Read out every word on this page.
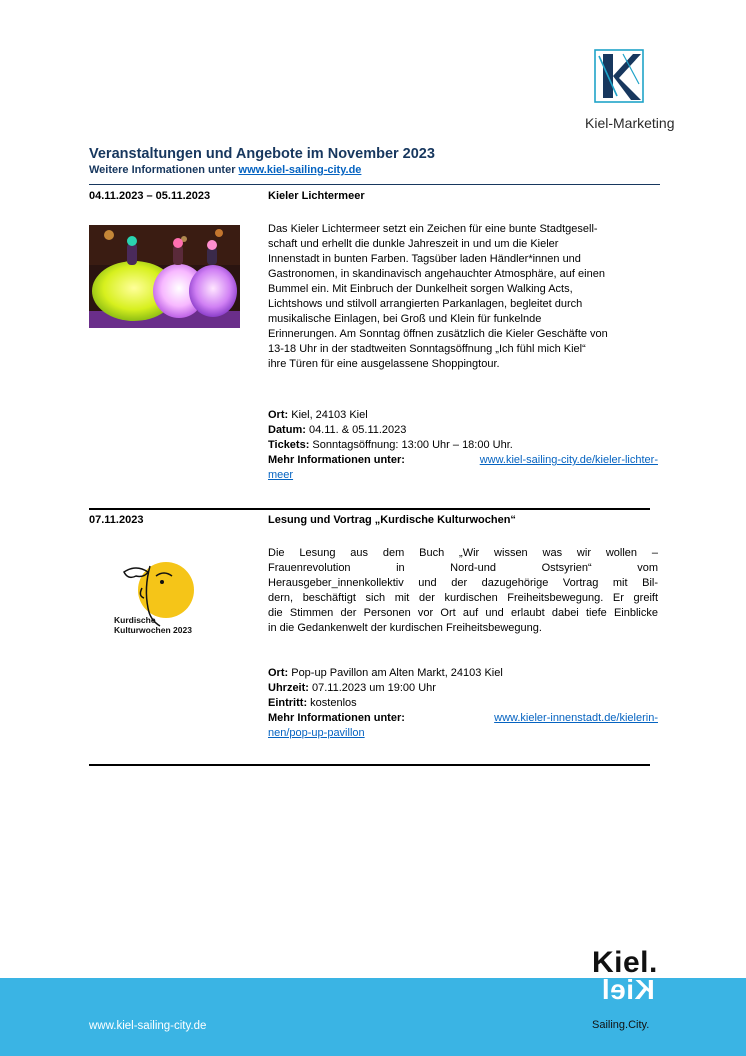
Kiel-Marketing
Veranstaltungen und Angebote im November 2023
Weitere Informationen unter www.kiel-sailing-city.de
04.11.2023 – 05.11.2023	Kieler Lichtermeer
Das Kieler Lichtermeer setzt ein Zeichen für eine bunte Stadtgesell-
schaft und erhellt die dunkle Jahreszeit in und um die Kieler
Innenstadt in bunten Farben. Tagsüber laden Händler*innen und
Gastronomen, in skandinavisch angehauchter Atmosphäre, auf einen
Bummel ein. Mit Einbruch der Dunkelheit sorgen Walking Acts,
Lichtshows und stilvoll arrangierten Parkanlagen, begleitet durch
musikalische Einlagen, bei Groß und Klein für funkelnde
Erinnerungen. Am Sonntag öffnen zusätzlich die Kieler Geschäfte von
13-18 Uhr in der stadtweiten Sonntagsöffnung „Ich fühl mich Kiel“
ihre Türen für eine ausgelassene Shoppingtour.
Ort: Kiel, 24103 Kiel
Datum: 04.11. & 05.11.2023
Tickets: Sonntagsöffnung: 13:00 Uhr – 18:00 Uhr.
Mehr Informationen unter:	www.kiel-sailing-city.de/kieler-lichter-
meer
07.11.2023	Lesung und Vortrag „Kurdische Kulturwochen“
Kurdische
Kulturwochen 2023
Die Lesung aus dem Buch „Wir wissen was wir wollen –
Frauenrevolution in Nord-und Ostsyrien“ vom
Herausgeber_innenkollektiv und der dazugehörige Vortrag mit Bil-
dern, beschäftigt sich mit der kurdischen Freiheitsbewegung. Er greift
die Stimmen der Personen vor Ort auf und erlaubt dabei tiefe Einblicke
in die Gedankenwelt der kurdischen Freiheitsbewegung.
Ort: Pop-up Pavillon am Alten Markt, 24103 Kiel
Uhrzeit: 07.11.2023 um 19:00 Uhr
Eintritt: kostenlos
Mehr Informationen unter:	www.kieler-innenstadt.de/kielerin-
nen/pop-up-pavillon
www.kiel-sailing-city.de
Kiel.
Kiel
Sailing.City.
